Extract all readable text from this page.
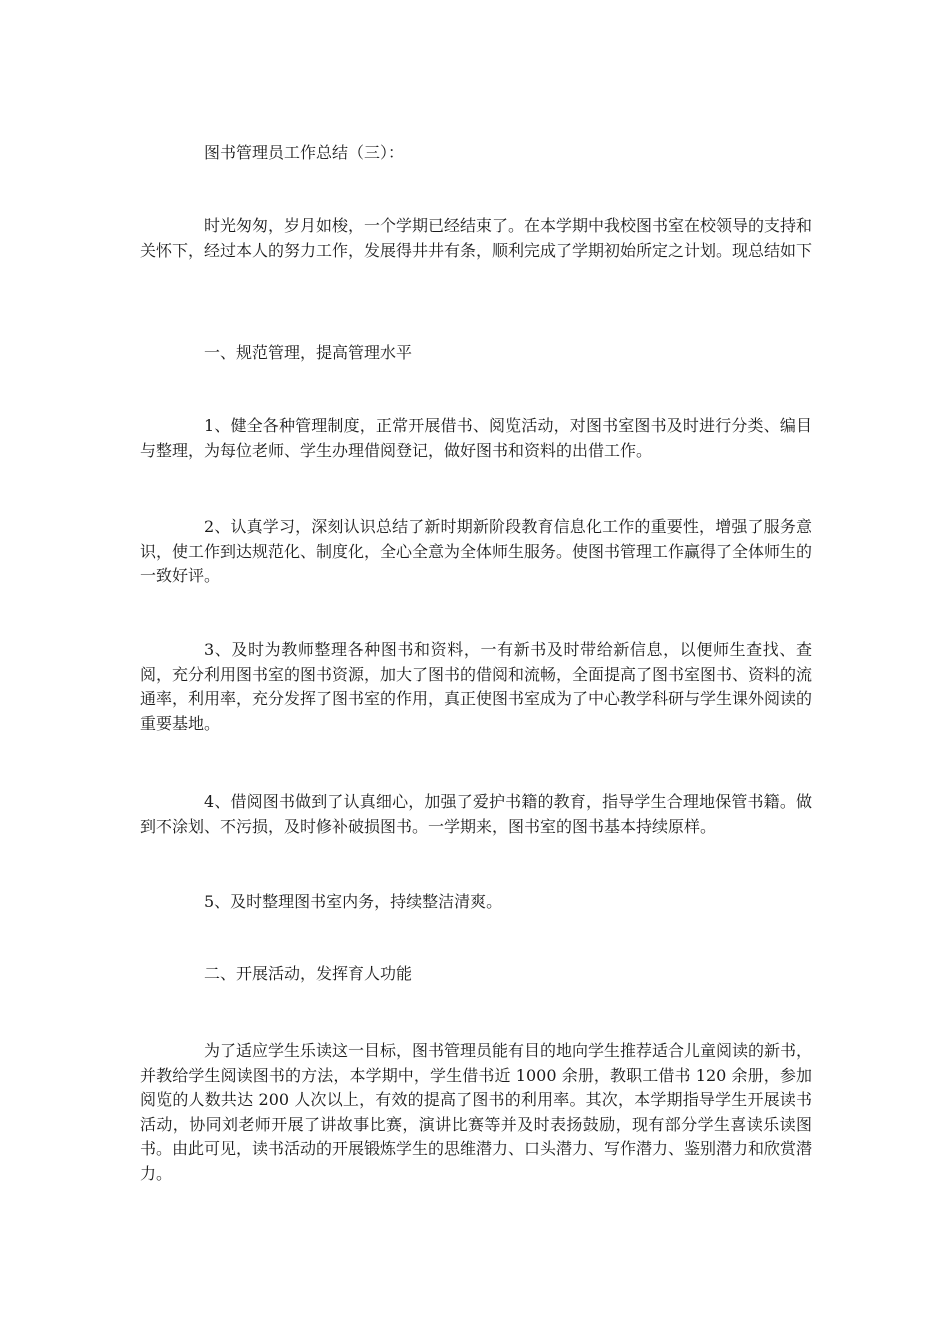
图书管理员工作总结（三）：

时光匆匆，岁月如梭，一个学期已经结束了。在本学期中我校图书室在校领导的支持和关怀下，经过本人的努力工作，发展得井井有条，顺利完成了学期初始所定之计划。现总结如下

一、规范管理，提高管理水平

1、健全各种管理制度，正常开展借书、阅览活动，对图书室图书及时进行分类、编目与整理，为每位老师、学生办理借阅登记，做好图书和资料的出借工作。

2、认真学习，深刻认识总结了新时期新阶段教育信息化工作的重要性，增强了服务意识，使工作到达规范化、制度化，全心全意为全体师生服务。使图书管理工作赢得了全体师生的一致好评。

3、及时为教师整理各种图书和资料，一有新书及时带给新信息，以便师生查找、查阅，充分利用图书室的图书资源，加大了图书的借阅和流畅，全面提高了图书室图书、资料的流通率，利用率，充分发挥了图书室的作用，真正使图书室成为了中心教学科研与学生课外阅读的重要基地。

4、借阅图书做到了认真细心，加强了爱护书籍的教育，指导学生合理地保管书籍。做到不涂划、不污损，及时修补破损图书。一学期来，图书室的图书基本持续原样。

5、及时整理图书室内务，持续整洁清爽。

二、开展活动，发挥育人功能

为了适应学生乐读这一目标，图书管理员能有目的地向学生推荐适合儿童阅读的新书，并教给学生阅读图书的方法，本学期中，学生借书近 1000 余册，教职工借书 120 余册，参加阅览的人数共达 200 人次以上，有效的提高了图书的利用率。其次，本学期指导学生开展读书活动，协同刘老师开展了讲故事比赛，演讲比赛等并及时表扬鼓励，现有部分学生喜读乐读图书。由此可见，读书活动的开展锻炼学生的思维潜力、口头潜力、写作潜力、鉴别潜力和欣赏潜力。
